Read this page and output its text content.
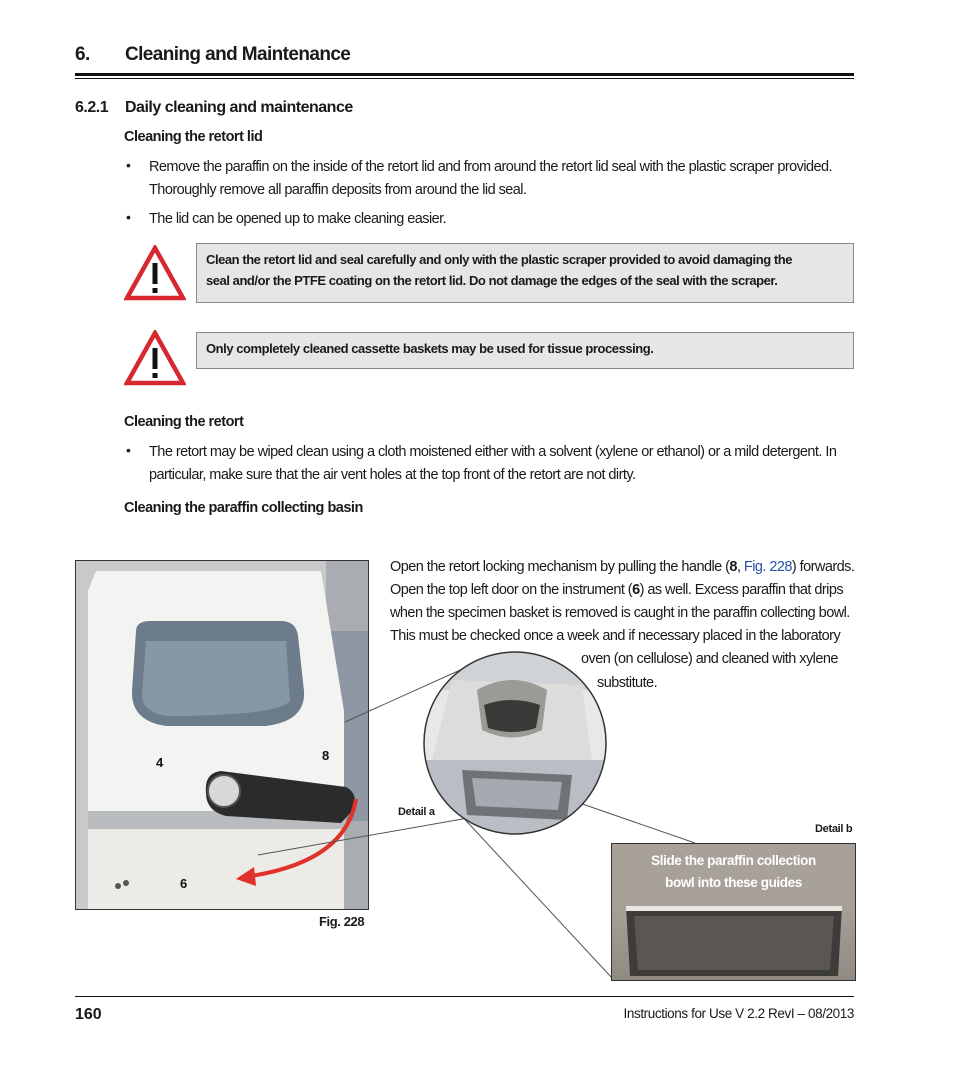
6. Cleaning and Maintenance
6.2.1 Daily cleaning and maintenance
Cleaning the retort lid
• Remove the paraffin on the inside of the retort lid and from around the retort lid seal with the plastic scraper provided.
Thoroughly remove all paraffin deposits from around the lid seal.
• The lid can be opened up to make cleaning easier.
Clean the retort lid and seal carefully and only with the plastic scraper provided to avoid damaging the
seal and/or the PTFE coating on the retort lid. Do not damage the edges of the seal with the scraper.
Only completely cleaned cassette baskets may be used for tissue processing.
Cleaning the retort
• The retort may be wiped clean using a cloth moistened either with a solvent (xylene or ethanol) or a mild detergent. In
particular, make sure that the air vent holes at the top front of the retort are not dirty.
Cleaning the paraffin collecting basin
Open the retort locking mechanism by pulling the handle (8, Fig. 228) forwards.
Open the top left door on the instrument (6) as well. Excess paraffin that drips
when the specimen basket is removed is caught in the paraffin collecting bowl.
This must be checked once a week and if necessary placed in the laboratory
oven (on cellulose) and cleaned with xylene
substitute.
4	8
6
Fig. 228
Detail a
Detail b
Slide the paraffin collection
bowl into these guides
160	Instructions for Use V 2.2 RevI – 08/2013
